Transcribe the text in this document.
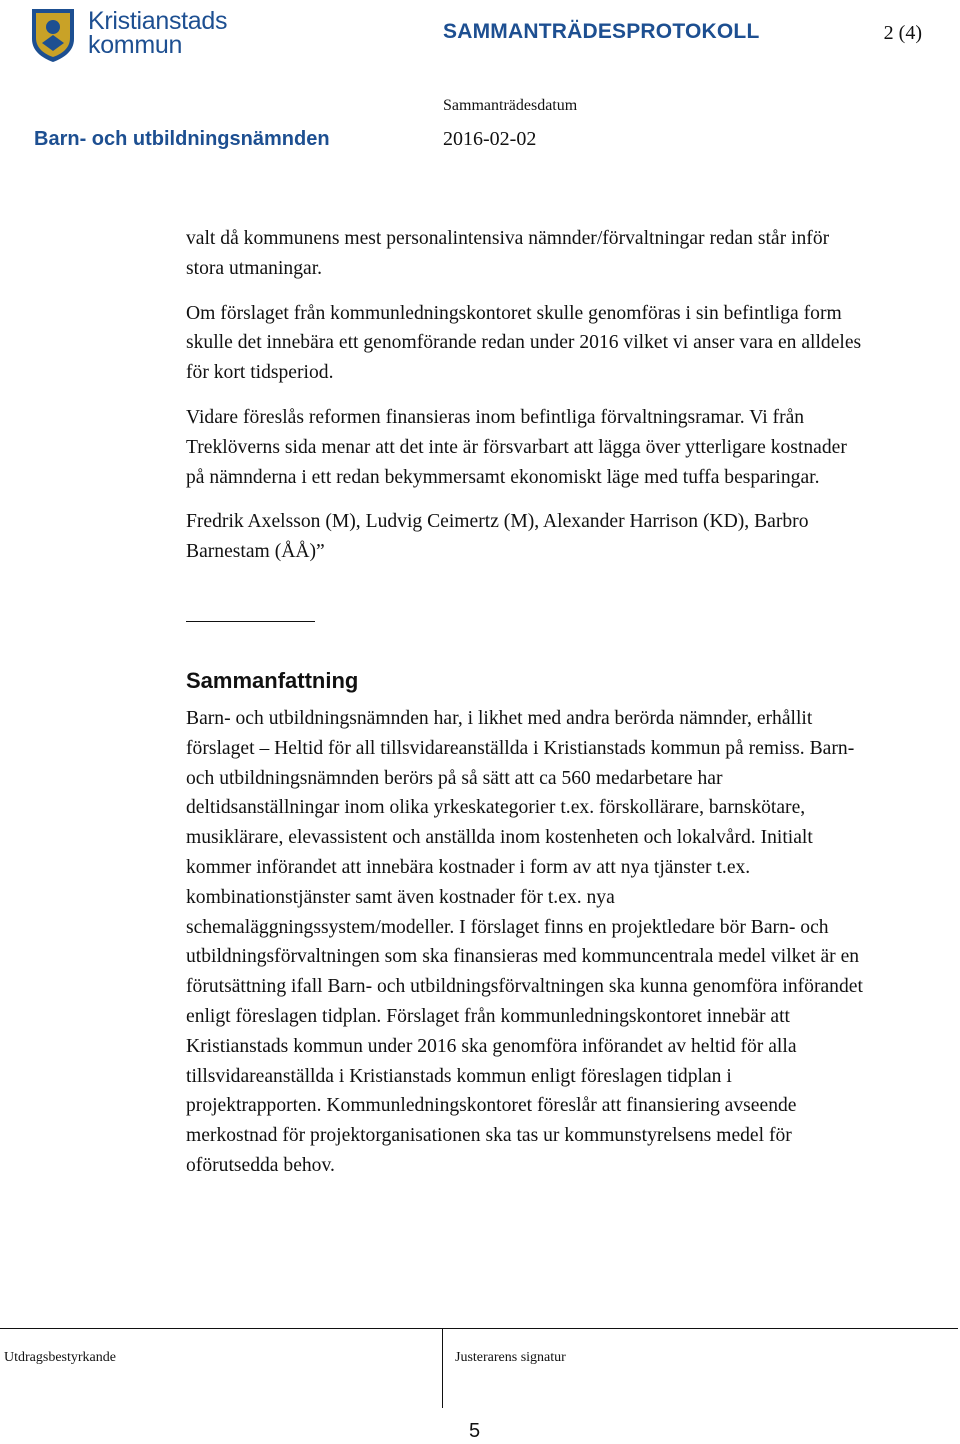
Kristianstads
kommun	SAMMANTRÄDESPROTOKOLL	2 (4)
Sammanträdesdatum
Barn- och utbildningsnämnden	2016-02-02

valt då kommunens mest personalintensiva nämnder/förvaltningar redan står inför stora utmaningar.

Om förslaget från kommunledningskontoret skulle genomföras i sin befintliga form skulle det innebära ett genomförande redan under 2016 vilket vi anser vara en alldeles för kort tidsperiod.

Vidare föreslås reformen finansieras inom befintliga förvaltningsramar. Vi från Treklöverns sida menar att det inte är försvarbart att lägga över ytterligare kostnader på nämnderna i ett redan bekymmersamt ekonomiskt läge med tuffa besparingar.

Fredrik Axelsson (M), Ludvig Ceimertz (M), Alexander Harrison (KD), Barbro Barnestam (ÅÅ)”

Sammanfattning

Barn- och utbildningsnämnden har, i likhet med andra berörda nämnder, erhållit förslaget – Heltid för all tillsvidareanställda i Kristianstads kommun på remiss. Barn- och utbildningsnämnden berörs på så sätt att ca 560 medarbetare har deltidsanställningar inom olika yrkeskategorier t.ex. förskollärare, barnskötare, musiklärare, elevassistent och anställda inom kostenheten och lokalvård. Initialt kommer införandet att innebära kostnader i form av att nya tjänster t.ex. kombinationstjänster samt även kostnader för t.ex. nya schemaläggningssystem/modeller. I förslaget finns en projektledare bör Barn- och utbildningsförvaltningen som ska finansieras med kommuncentrala medel vilket är en förutsättning ifall Barn- och utbildningsförvaltningen ska kunna genomföra införandet enligt föreslagen tidplan. Förslaget från kommunledningskontoret innebär att Kristianstads kommun under 2016 ska genomföra införandet av heltid för alla tillsvidareanställda i Kristianstads kommun enligt föreslagen tidplan i projektrapporten. Kommunledningskontoret föreslår att finansiering avseende merkostnad för projektorganisationen ska tas ur kommunstyrelsens medel för oförutsedda behov.

Utdragsbestyrkande	Justerarens signatur
5
